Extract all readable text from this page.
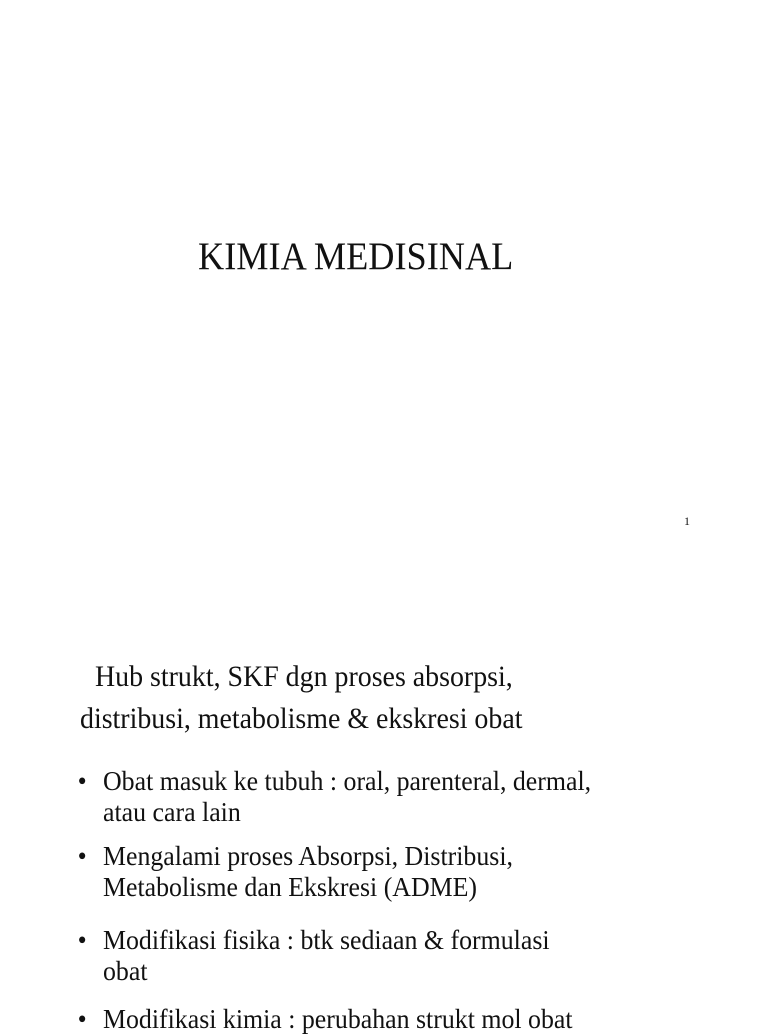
KIMIA MEDISINAL
1
Hub strukt, SKF dgn proses absorpsi,
distribusi, metabolisme & ekskresi obat
• Obat masuk ke tubuh : oral, parenteral, dermal,
atau cara lain
• Mengalami proses Absorpsi, Distribusi,
Metabolisme dan Ekskresi (ADME)
• Modifikasi fisika : btk sediaan & formulasi
obat
• Modifikasi kimia : perubahan strukt mol obat
